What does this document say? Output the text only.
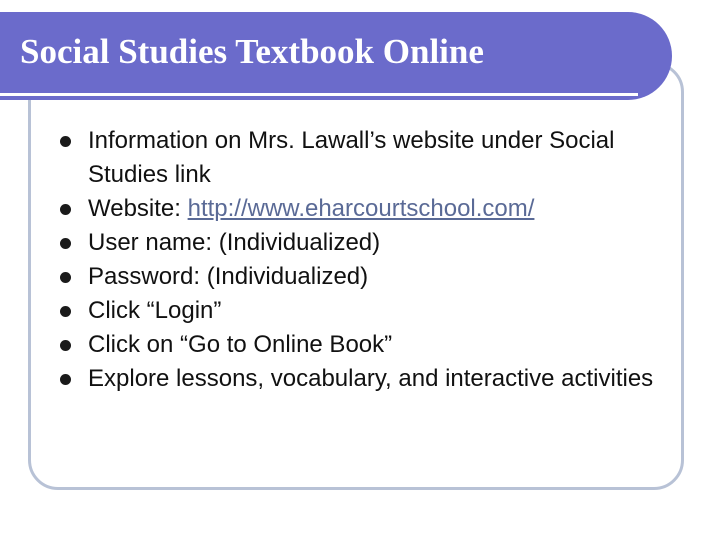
Social Studies Textbook Online
Information on Mrs. Lawall’s website under Social Studies link
Website: http://www.eharcourtschool.com/
User name: (Individualized)
Password: (Individualized)
Click “Login”
Click on “Go to Online Book”
Explore lessons, vocabulary, and interactive activities
